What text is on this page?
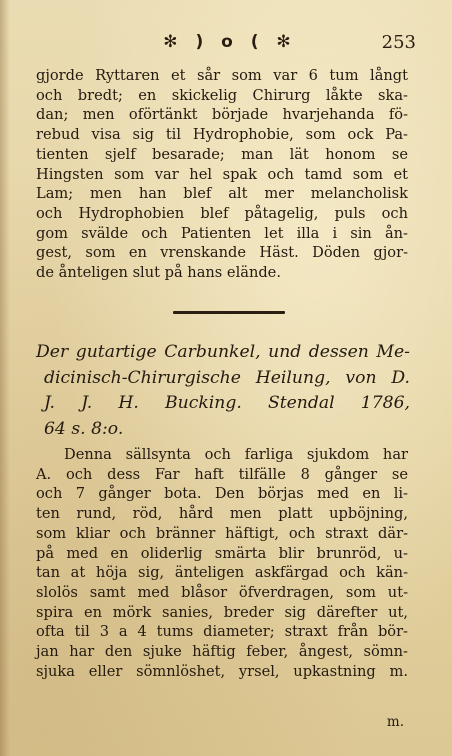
✻ ) o ( ✻	253
gjorde Ryttaren et sår som var 6 tum långt
och bredt; en skickelig Chirurg låkte ska-
dan; men oförtänkt började hvarjehanda fö-
rebud visa sig til Hydrophobie, som ock Pa-
tienten sjelf besarade; man lät honom se
Hingsten som var hel spak och tamd som et
Lam; men han blef alt mer melancholisk
och Hydrophobien blef påtagelig, puls och
gom svälde och Patienten let illa i sin ån-
gest, som en vrenskande Häst. Döden gjor-
de ånteligen slut på hans elände.
Der gutartige Carbunkel, und dessen Me-
dicinisch-Chirurgische Heilung, von D.
J. J. H. Bucking. Stendal 1786,
64 s. 8:o.
Denna sällsynta och farliga sjukdom har
A. och dess Far haft tilfälle 8 gånger se
och 7 gånger bota. Den börjas med en li-
ten rund, röd, hård men platt upböjning,
som kliar och bränner häftigt, och straxt där-
på med en oliderlig smärta blir brunröd, u-
tan at höja sig, änteligen askfärgad och kän-
slolös samt med blåsor öfverdragen, som ut-
spira en mörk sanies, breder sig därefter ut,
ofta til 3 a 4 tums diameter; straxt från bör-
jan har den sjuke häftig feber, ångest, sömn-
sjuka eller sömnlöshet, yrsel, upkastning m.
m.
